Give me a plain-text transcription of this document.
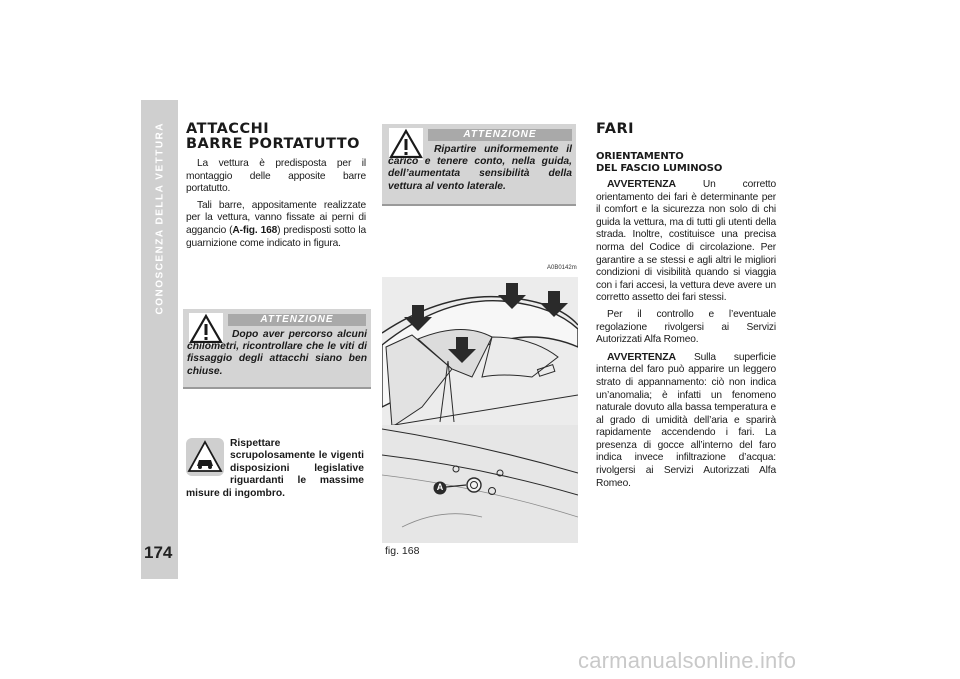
CONOSCENZA DELLA VETTURA
174
ATTACCHI
BARRE PORTATUTTO

La vettura è predisposta per il montaggio delle apposite barre portatutto.

Tali barre, appositamente realizzate per la vettura, vanno fissate ai perni di aggancio (A-fig. 168) predisposti sotto la guarnizione come indicato in figura.

ATTENZIONE
Dopo aver percorso alcuni chilometri, ricontrollare che le viti di fissaggio degli attacchi siano ben chiuse.
Rispettare scrupolosamente le vigenti disposizioni legislative riguardanti le massime misure di ingombro.
ATTENZIONE
Ripartire uniformemente il carico e tenere conto, nella guida, dell’aumentata sensibilità della vettura al vento laterale.
A0B0142m
A
fig. 168
FARI
ORIENTAMENTO
DEL FASCIO LUMINOSO

AVVERTENZA	Un corretto orientamento dei fari è determinante per il comfort e la sicurezza non solo di chi guida la vettura, ma di tutti gli utenti della strada. Inoltre, costituisce una precisa norma del Codice di circolazione. Per garantire a se stessi e agli altri le migliori condizioni di visibilità quando si viaggia con i fari accesi, la vettura deve avere un corretto assetto dei fari stessi.

Per il controllo e l’eventuale regolazione rivolgersi ai Servizi Autorizzati Alfa Romeo.

AVVERTENZA Sulla superficie interna del faro può apparire un leggero strato di appannamento: ciò non indica un’anomalia; è infatti un fenomeno naturale dovuto alla bassa temperatura e al grado di umidità dell’aria e sparirà rapidamente accendendo i fari. La presenza di gocce all’interno del faro indica invece infiltrazione d’acqua: rivolgersi ai Servizi Autorizzati Alfa Romeo.

carmanualsonline.info
